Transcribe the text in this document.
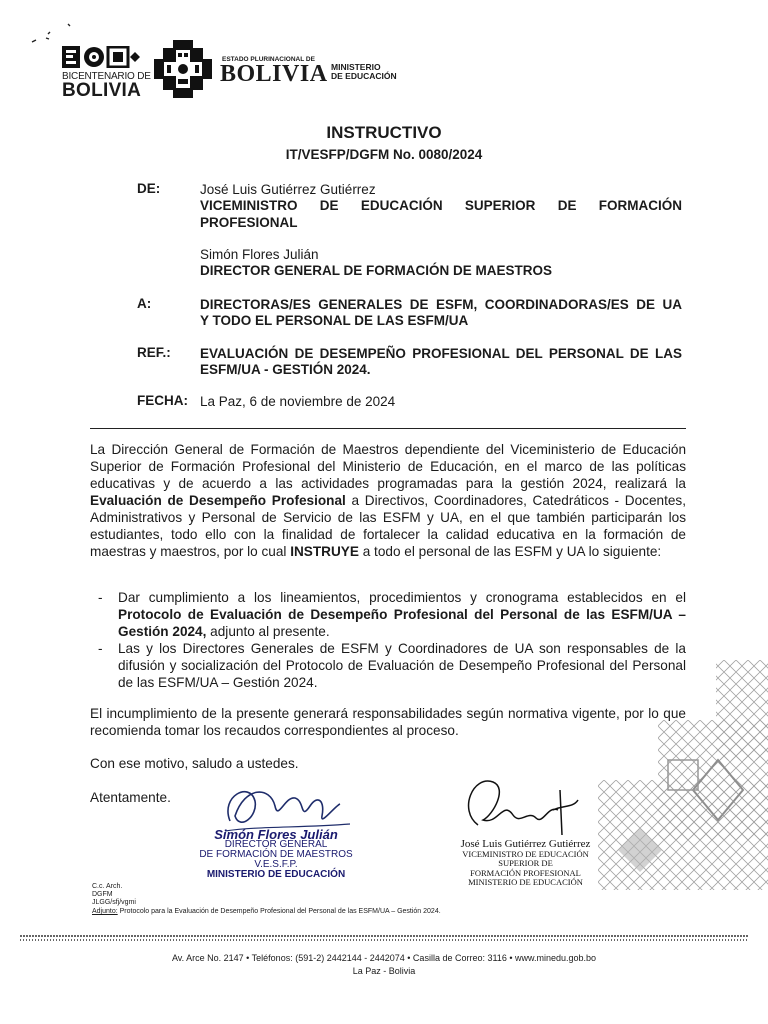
BICENTENARIO DE
BOLIVIA
ESTADO PLURINACIONAL DE
BOLIVIA MINISTERIO
DE EDUCACIÓN
INSTRUCTIVO
IT/VESFP/DGFM No. 0080/2024
DE:	José Luis Gutiérrez Gutiérrez
VICEMINISTRO DE EDUCACIÓN SUPERIOR DE FORMACIÓN
PROFESIONAL
Simón Flores Julián
DIRECTOR GENERAL DE FORMACIÓN DE MAESTROS
A:	DIRECTORAS/ES GENERALES DE ESFM, COORDINADORAS/ES DE UA
Y TODO EL PERSONAL DE LAS ESFM/UA
REF.: EVALUACIÓN DE DESEMPEÑO PROFESIONAL DEL PERSONAL DE LAS
ESFM/UA - GESTIÓN 2024.
FECHA: La Paz, 6 de noviembre de 2024

La Dirección General de Formación de Maestros dependiente del Viceministerio de Educación Superior de Formación Profesional del Ministerio de Educación, en el marco de las políticas educativas y de acuerdo a las actividades programadas para la gestión 2024, realizará la Evaluación de Desempeño Profesional a Directivos, Coordinadores, Catedráticos - Docentes, Administrativos y Personal de Servicio de las ESFM y UA, en el que también participarán los estudiantes, todo ello con la finalidad de fortalecer la calidad educativa en la formación de maestras y maestros, por lo cual INSTRUYE a todo el personal de las ESFM y UA lo siguiente:

- Dar cumplimiento a los lineamientos, procedimientos y cronograma establecidos en el Protocolo de Evaluación de Desempeño Profesional del Personal de las ESFM/UA – Gestión 2024, adjunto al presente.
- Las y los Directores Generales de ESFM y Coordinadores de UA son responsables de la difusión y socialización del Protocolo de Evaluación de Desempeño Profesional del Personal de las ESFM/UA – Gestión 2024.

El incumplimiento de la presente generará responsabilidades según normativa vigente, por lo que recomienda tomar los recaudos correspondientes al proceso.

Con ese motivo, saludo a ustedes.

Atentamente.

Simón Flores Julián
DIRECTOR GENERAL
DE FORMACIÓN DE MAESTROS
V.E.S.F.P.
MINISTERIO DE EDUCACIÓN
José Luis Gutiérrez Gutiérrez
VICEMINISTRO DE EDUCACIÓN SUPERIOR DE
FORMACIÓN PROFESIONAL
MINISTERIO DE EDUCACIÓN
C.c. Arch.
DGFM
JLGG/sfj/vgmi
Adjunto: Protocolo para la Evaluación de Desempeño Profesional del Personal de las ESFM/UA – Gestión 2024.
Av. Arce No. 2147 • Teléfonos: (591-2) 2442144 - 2442074 • Casilla de Correo: 3116 • www.minedu.gob.bo
La Paz - Bolivia
